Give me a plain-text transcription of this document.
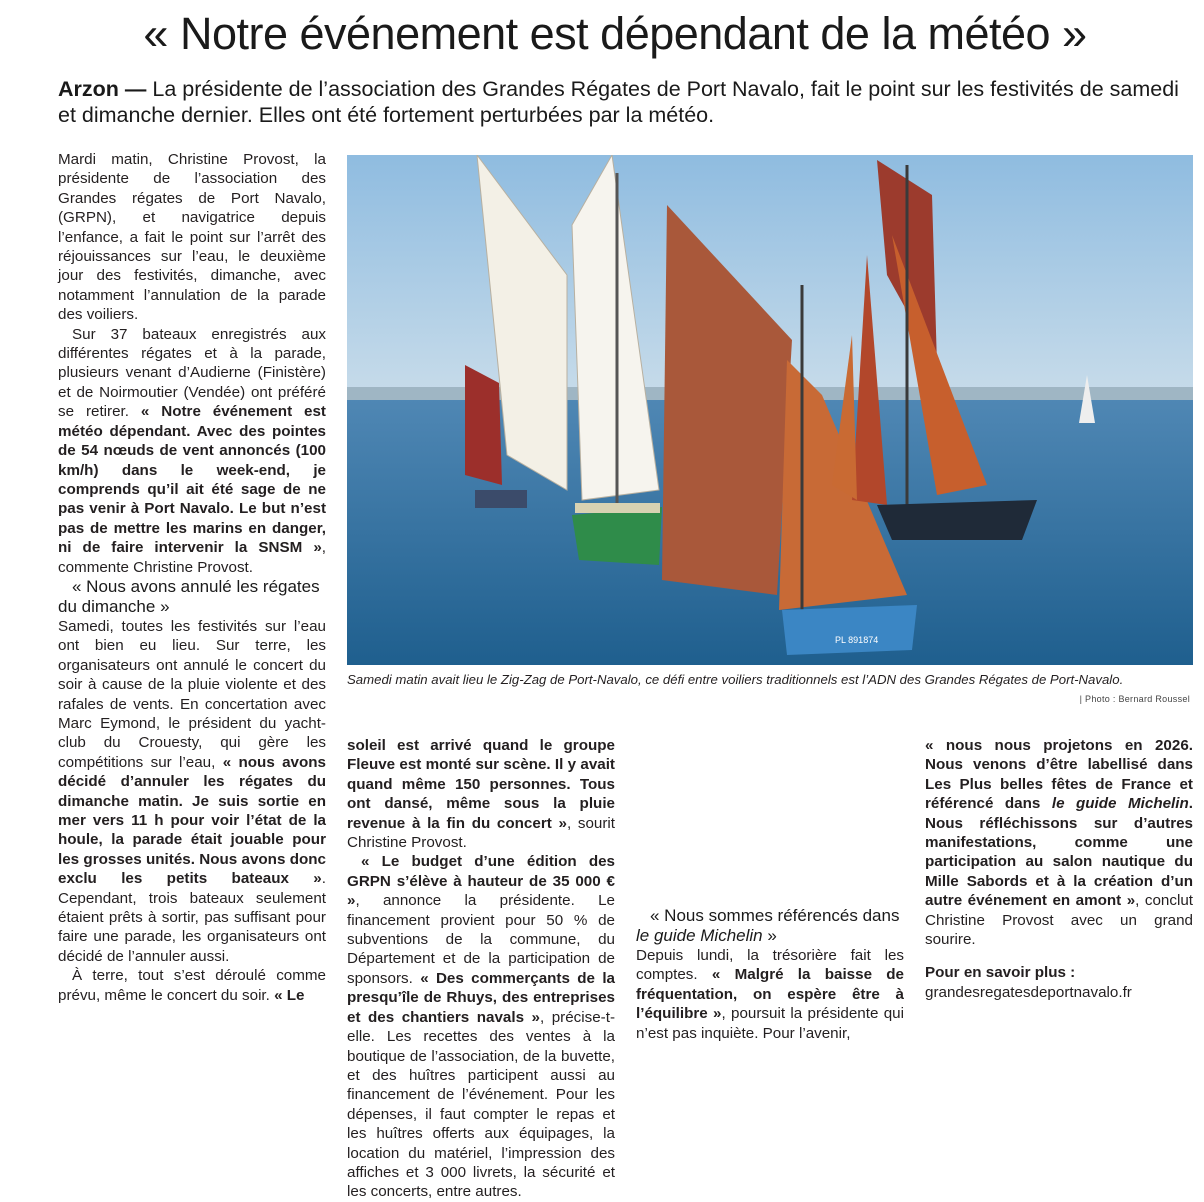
« Notre événement est dépendant de la météo »
Arzon — La présidente de l’association des Grandes Régates de Port Navalo, fait le point sur les festivités de samedi et dimanche dernier. Elles ont été fortement perturbées par la météo.

Mardi matin, Christine Provost, la présidente de l’association des Grandes régates de Port Navalo, (GRPN), et navigatrice depuis l’enfance, a fait le point sur l’arrêt des réjouissances sur l’eau, le deuxième jour des festivités, dimanche, avec notamment l’annulation de la parade des voiliers.

Sur 37 bateaux enregistrés aux différentes régates et à la parade, plusieurs venant d’Audierne (Finistère) et de Noirmoutier (Vendée) ont préféré se retirer. « Notre événement est météo dépendant. Avec des pointes de 54 nœuds de vent annoncés (100 km/h) dans le week-end, je comprends qu’il ait été sage de ne pas venir à Port Navalo. Le but n’est pas de mettre les marins en danger, ni de faire intervenir la SNSM », commente Christine Provost.

« Nous avons annulé les régates du dimanche »

Samedi, toutes les festivités sur l’eau ont bien eu lieu. Sur terre, les organisateurs ont annulé le concert du soir à cause de la pluie violente et des rafales de vents. En concertation avec Marc Eymond, le président du yacht-club du Crouesty, qui gère les compétitions sur l’eau, « nous avons décidé d’annuler les régates du dimanche matin. Je suis sortie en mer vers 11 h pour voir l’état de la houle, la parade était jouable pour les grosses unités. Nous avons donc exclu les petits bateaux ». Cependant, trois bateaux seulement étaient prêts à sortir, pas suffisant pour faire une parade, les organisateurs ont décidé de l’annuler aussi.

À terre, tout s’est déroulé comme prévu, même le concert du soir. « Le

PL 891874
Samedi matin avait lieu le Zig-Zag de Port-Navalo, ce défi entre voiliers traditionnels est l’ADN des Grandes Régates de Port-Navalo.
| Photo : Bernard Roussel

soleil est arrivé quand le groupe Fleuve est monté sur scène. Il y avait quand même 150 personnes. Tous ont dansé, même sous la pluie revenue à la fin du concert », sourit Christine Provost.

« Le budget d’une édition des GRPN s’élève à hauteur de 35 000 € », annonce la présidente. Le financement provient pour 50 % de subventions de la commune, du Département et de la participation de sponsors. « Des commerçants de la presqu’île de Rhuys, des entreprises et des chantiers navals », précise-t-elle. Les recettes des ventes à la boutique de l’association, de la buvette, et des huîtres participent aussi au financement de l’événement. Pour les dépenses, il faut compter le repas et les huîtres offerts aux équipages, la location du matériel, l’impression des affiches et 3 000 livrets, la sécurité et les concerts, entre autres.

« Nous sommes référencés dans le guide Michelin »

Depuis lundi, la trésorière fait les comptes. « Malgré la baisse de fréquentation, on espère être à l’équilibre », poursuit la présidente qui n’est pas inquiète. Pour l’avenir,

« nous nous projetons en 2026. Nous venons d’être labellisé dans Les Plus belles fêtes de France et référencé dans le guide Michelin. Nous réfléchissons sur d’autres manifestations, comme une participation au salon nautique du Mille Sabords et à la création d’un autre événement en amont », conclut Christine Provost avec un grand sourire.

Pour en savoir plus : grandesregatesdeportnavalo.fr
